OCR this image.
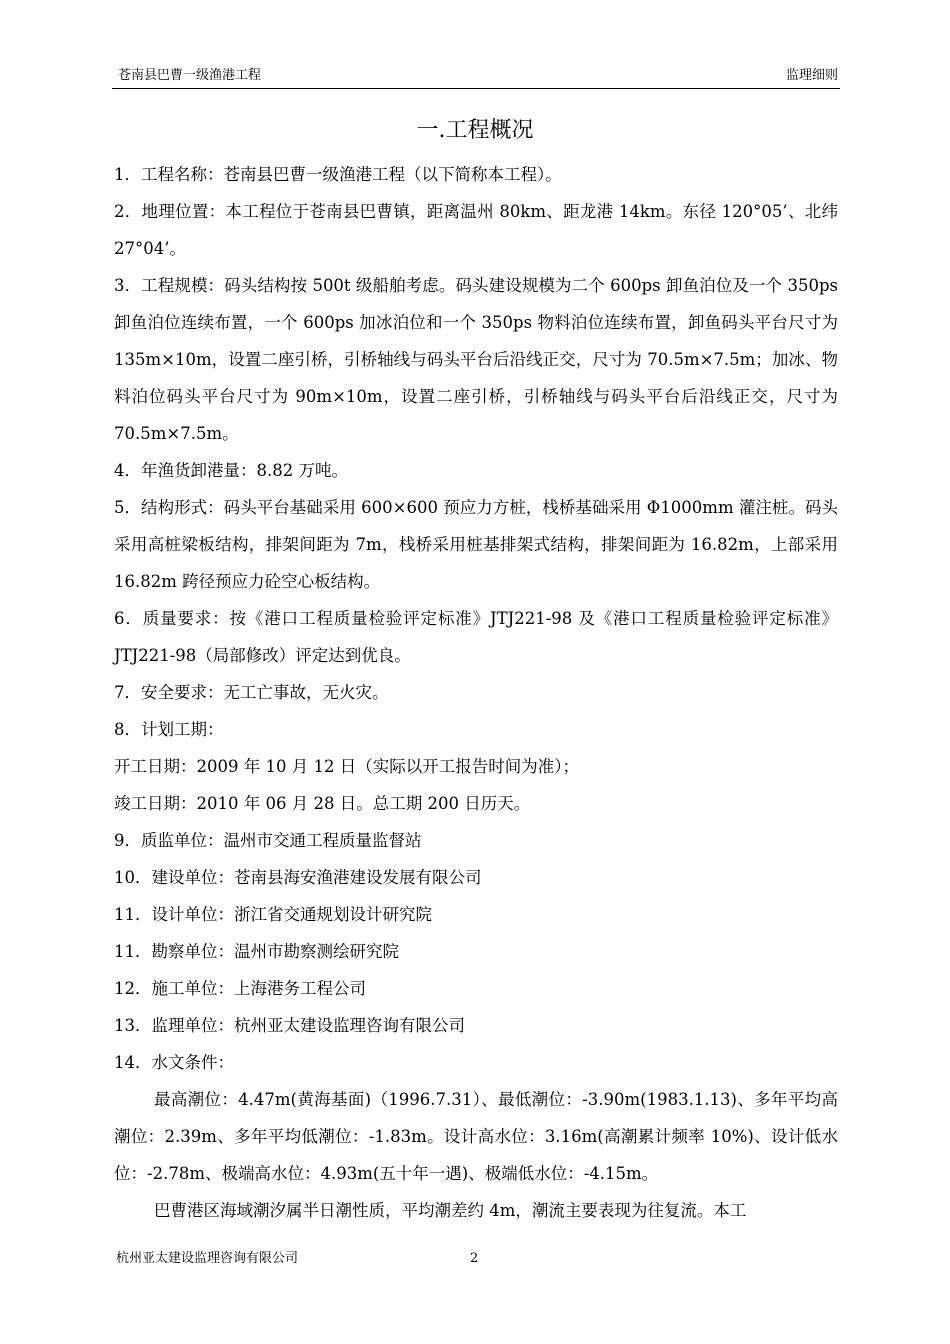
苍南县巴曹一级渔港工程	监理细则
一.工程概况

1．工程名称：苍南县巴曹一级渔港工程（以下简称本工程）。

2．地理位置：本工程位于苍南县巴曹镇，距离温州 80km、距龙港 14km。东径 120°05’、北纬 27°04’。

3．工程规模：码头结构按 500t 级船舶考虑。码头建设规模为二个 600ps 卸鱼泊位及一个 350ps 卸鱼泊位连续布置，一个 600ps 加冰泊位和一个 350ps 物料泊位连续布置，卸鱼码头平台尺寸为 135m×10m，设置二座引桥，引桥轴线与码头平台后沿线正交，尺寸为 70.5m×7.5m；加冰、物料泊位码头平台尺寸为 90m×10m，设置二座引桥，引桥轴线与码头平台后沿线正交，尺寸为 70.5m×7.5m。

4．年渔货卸港量：8.82 万吨。

5．结构形式：码头平台基础采用 600×600 预应力方桩，栈桥基础采用 Φ1000mm 灌注桩。码头采用高桩梁板结构，排架间距为 7m，栈桥采用桩基排架式结构，排架间距为 16.82m，上部采用 16.82m 跨径预应力砼空心板结构。

6．质量要求：按《港口工程质量检验评定标准》JTJ221-98 及《港口工程质量检验评定标准》JTJ221-98（局部修改）评定达到优良。

7．安全要求：无工亡事故，无火灾。

8．计划工期：

开工日期：2009 年 10 月 12 日（实际以开工报告时间为准）；

竣工日期：2010 年 06 月 28 日。总工期 200 日历天。

9．质监单位：温州市交通工程质量监督站

10．建设单位：苍南县海安渔港建设发展有限公司

11．设计单位：浙江省交通规划设计研究院

11．勘察单位：温州市勘察测绘研究院

12．施工单位：上海港务工程公司

13．监理单位：杭州亚太建设监理咨询有限公司

14．水文条件：

最高潮位：4.47m(黄海基面)（1996.7.31）、最低潮位：-3.90m(1983.1.13)、多年平均高潮位：2.39m、多年平均低潮位：-1.83m。设计高水位：3.16m(高潮累计频率 10%)、设计低水位：-2.78m、极端高水位：4.93m(五十年一遇)、极端低水位：-4.15m。

巴曹港区海域潮汐属半日潮性质，平均潮差约 4m，潮流主要表现为往复流。本工

杭州亚太建设监理咨询有限公司	2
